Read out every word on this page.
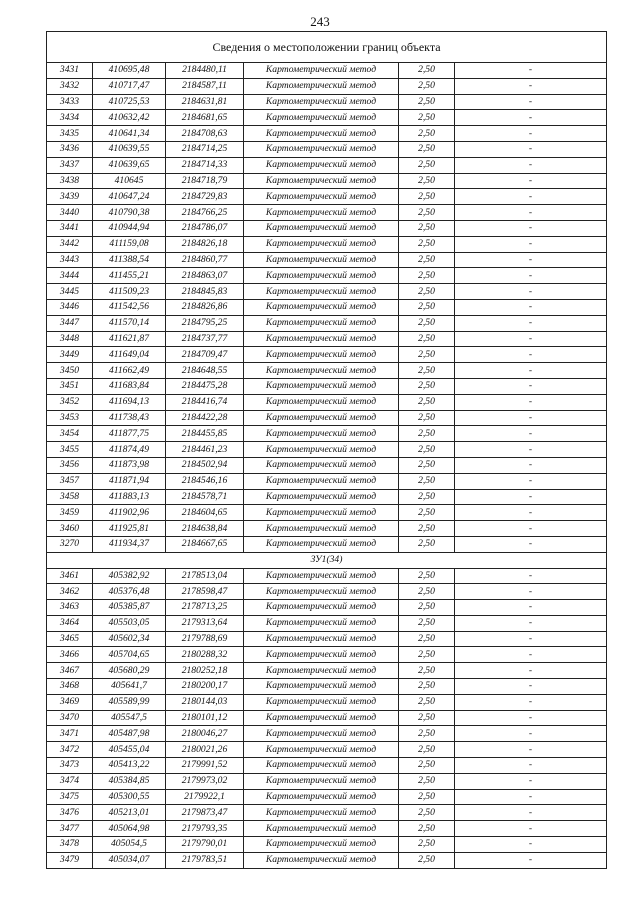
243
Сведения о местоположении границ объекта					
3431	410695,48	2184480,11	Картометрический метод	2,50	-
3432	410717,47	2184587,11	Картометрический метод	2,50	-
3433	410725,53	2184631,81	Картометрический метод	2,50	-
3434	410632,42	2184681,65	Картометрический метод	2,50	-
3435	410641,34	2184708,63	Картометрический метод	2,50	-
3436	410639,55	2184714,25	Картометрический метод	2,50	-
3437	410639,65	2184714,33	Картометрический метод	2,50	-
3438	410645	2184718,79	Картометрический метод	2,50	-
3439	410647,24	2184729,83	Картометрический метод	2,50	-
3440	410790,38	2184766,25	Картометрический метод	2,50	-
3441	410944,94	2184786,07	Картометрический метод	2,50	-
3442	411159,08	2184826,18	Картометрический метод	2,50	-
3443	411388,54	2184860,77	Картометрический метод	2,50	-
3444	411455,21	2184863,07	Картометрический метод	2,50	-
3445	411509,23	2184845,83	Картометрический метод	2,50	-
3446	411542,56	2184826,86	Картометрический метод	2,50	-
3447	411570,14	2184795,25	Картометрический метод	2,50	-
3448	411621,87	2184737,77	Картометрический метод	2,50	-
3449	411649,04	2184709,47	Картометрический метод	2,50	-
3450	411662,49	2184648,55	Картометрический метод	2,50	-
3451	411683,84	2184475,28	Картометрический метод	2,50	-
3452	411694,13	2184416,74	Картометрический метод	2,50	-
3453	411738,43	2184422,28	Картометрический метод	2,50	-
3454	411877,75	2184455,85	Картометрический метод	2,50	-
3455	411874,49	2184461,23	Картометрический метод	2,50	-
3456	411873,98	2184502,94	Картометрический метод	2,50	-
3457	411871,94	2184546,16	Картометрический метод	2,50	-
3458	411883,13	2184578,71	Картометрический метод	2,50	-
3459	411902,96	2184604,65	Картометрический метод	2,50	-
3460	411925,81	2184638,84	Картометрический метод	2,50	-
3270	411934,37	2184667,65	Картометрический метод	2,50	-
ЗУ1(34)					
3461	405382,92	2178513,04	Картометрический метод	2,50	-
3462	405376,48	2178598,47	Картометрический метод	2,50	-
3463	405385,87	2178713,25	Картометрический метод	2,50	-
3464	405503,05	2179313,64	Картометрический метод	2,50	-
3465	405602,34	2179788,69	Картометрический метод	2,50	-
3466	405704,65	2180288,32	Картометрический метод	2,50	-
3467	405680,29	2180252,18	Картометрический метод	2,50	-
3468	405641,7	2180200,17	Картометрический метод	2,50	-
3469	405589,99	2180144,03	Картометрический метод	2,50	-
3470	405547,5	2180101,12	Картометрический метод	2,50	-
3471	405487,98	2180046,27	Картометрический метод	2,50	-
3472	405455,04	2180021,26	Картометрический метод	2,50	-
3473	405413,22	2179991,52	Картометрический метод	2,50	-
3474	405384,85	2179973,02	Картометрический метод	2,50	-
3475	405300,55	2179922,1	Картометрический метод	2,50	-
3476	405213,01	2179873,47	Картометрический метод	2,50	-
3477	405064,98	2179793,35	Картометрический метод	2,50	-
3478	405054,5	2179790,01	Картометрический метод	2,50	-
3479	405034,07	2179783,51	Картометрический метод	2,50	-
